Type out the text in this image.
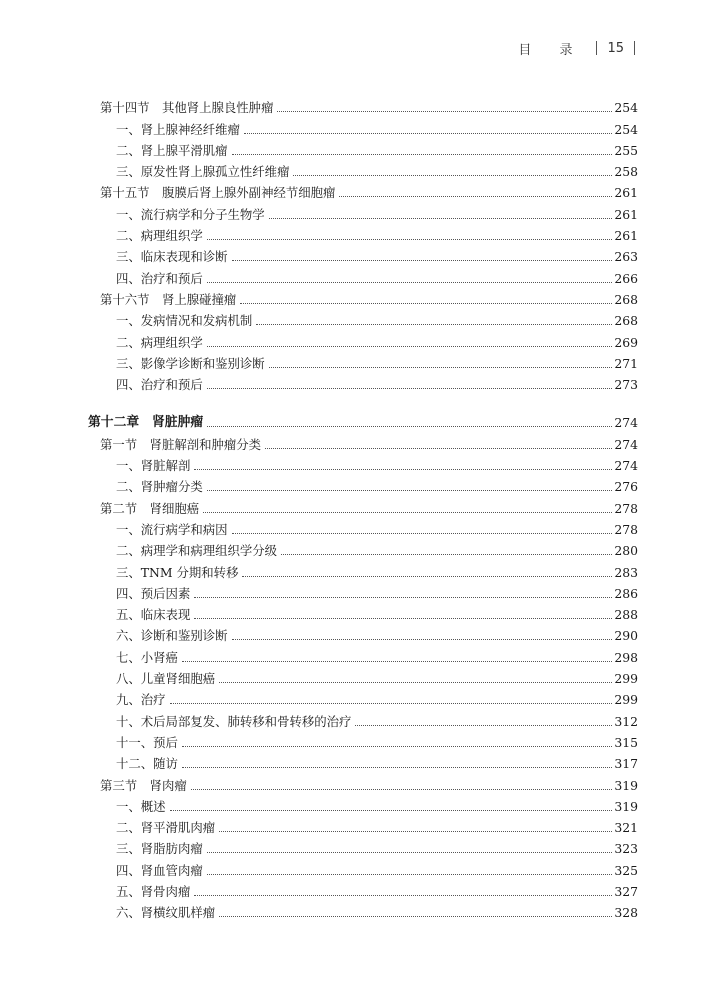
目 录 15
第十四节　其他肾上腺良性肿瘤	254
一、肾上腺神经纤维瘤	254
二、肾上腺平滑肌瘤	255
三、原发性肾上腺孤立性纤维瘤	258
第十五节　腹膜后肾上腺外副神经节细胞瘤	261
一、流行病学和分子生物学	261
二、病理组织学	261
三、临床表现和诊断	263
四、治疗和预后	266
第十六节　肾上腺碰撞瘤	268
一、发病情况和发病机制	268
二、病理组织学	269
三、影像学诊断和鉴别诊断	271
四、治疗和预后	273
第十二章　肾脏肿瘤	274
第一节　肾脏解剖和肿瘤分类	274
一、肾脏解剖	274
二、肾肿瘤分类	276
第二节　肾细胞癌	278
一、流行病学和病因	278
二、病理学和病理组织学分级	280
三、TNM 分期和转移	283
四、预后因素	286
五、临床表现	288
六、诊断和鉴别诊断	290
七、小肾癌	298
八、儿童肾细胞癌	299
九、治疗	299
十、术后局部复发、肺转移和骨转移的治疗	312
十一、预后	315
十二、随访	317
第三节　肾肉瘤	319
一、概述	319
二、肾平滑肌肉瘤	321
三、肾脂肪肉瘤	323
四、肾血管肉瘤	325
五、肾骨肉瘤	327
六、肾横纹肌样瘤	328
